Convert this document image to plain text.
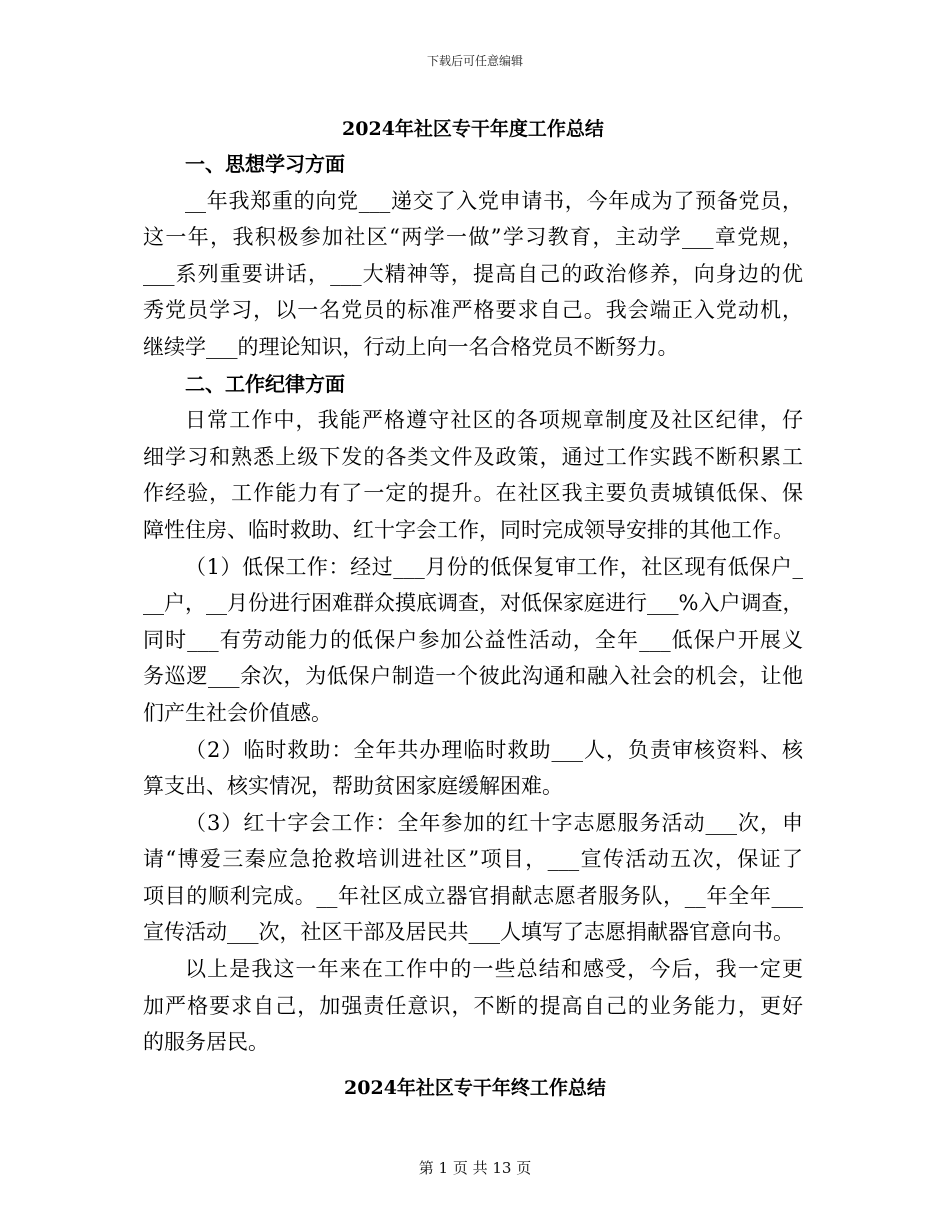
下载后可任意编辑
2024年社区专干年度工作总结
一、思想学习方面
__年我郑重的向党___递交了入党申请书，今年成为了预备党员，
这一年，我积极参加社区“两学一做”学习教育，主动学___章党规，
___系列重要讲话，___大精神等，提高自己的政治修养，向身边的优
秀党员学习，以一名党员的标准严格要求自己。我会端正入党动机，
继续学___的理论知识，行动上向一名合格党员不断努力。
二、工作纪律方面
日常工作中，我能严格遵守社区的各项规章制度及社区纪律，仔
细学习和熟悉上级下发的各类文件及政策，通过工作实践不断积累工
作经验，工作能力有了一定的提升。在社区我主要负责城镇低保、保
障性住房、临时救助、红十字会工作，同时完成领导安排的其他工作。
（1）低保工作：经过___月份的低保复审工作，社区现有低保户_
__户，__月份进行困难群众摸底调查，对低保家庭进行___%入户调查，
同时___有劳动能力的低保户参加公益性活动，全年___低保户开展义
务巡逻___余次，为低保户制造一个彼此沟通和融入社会的机会，让他
们产生社会价值感。
（2）临时救助：全年共办理临时救助___人，负责审核资料、核
算支出、核实情况，帮助贫困家庭缓解困难。
（3）红十字会工作：全年参加的红十字志愿服务活动___次，申
请“博爱三秦应急抢救培训进社区”项目，___宣传活动五次，保证了
项目的顺利完成。__年社区成立器官捐献志愿者服务队，__年全年___
宣传活动___次，社区干部及居民共___人填写了志愿捐献器官意向书。
以上是我这一年来在工作中的一些总结和感受，今后，我一定更
加严格要求自己，加强责任意识，不断的提高自己的业务能力，更好
的服务居民。
2024年社区专干年终工作总结
第 1 页 共 13 页
